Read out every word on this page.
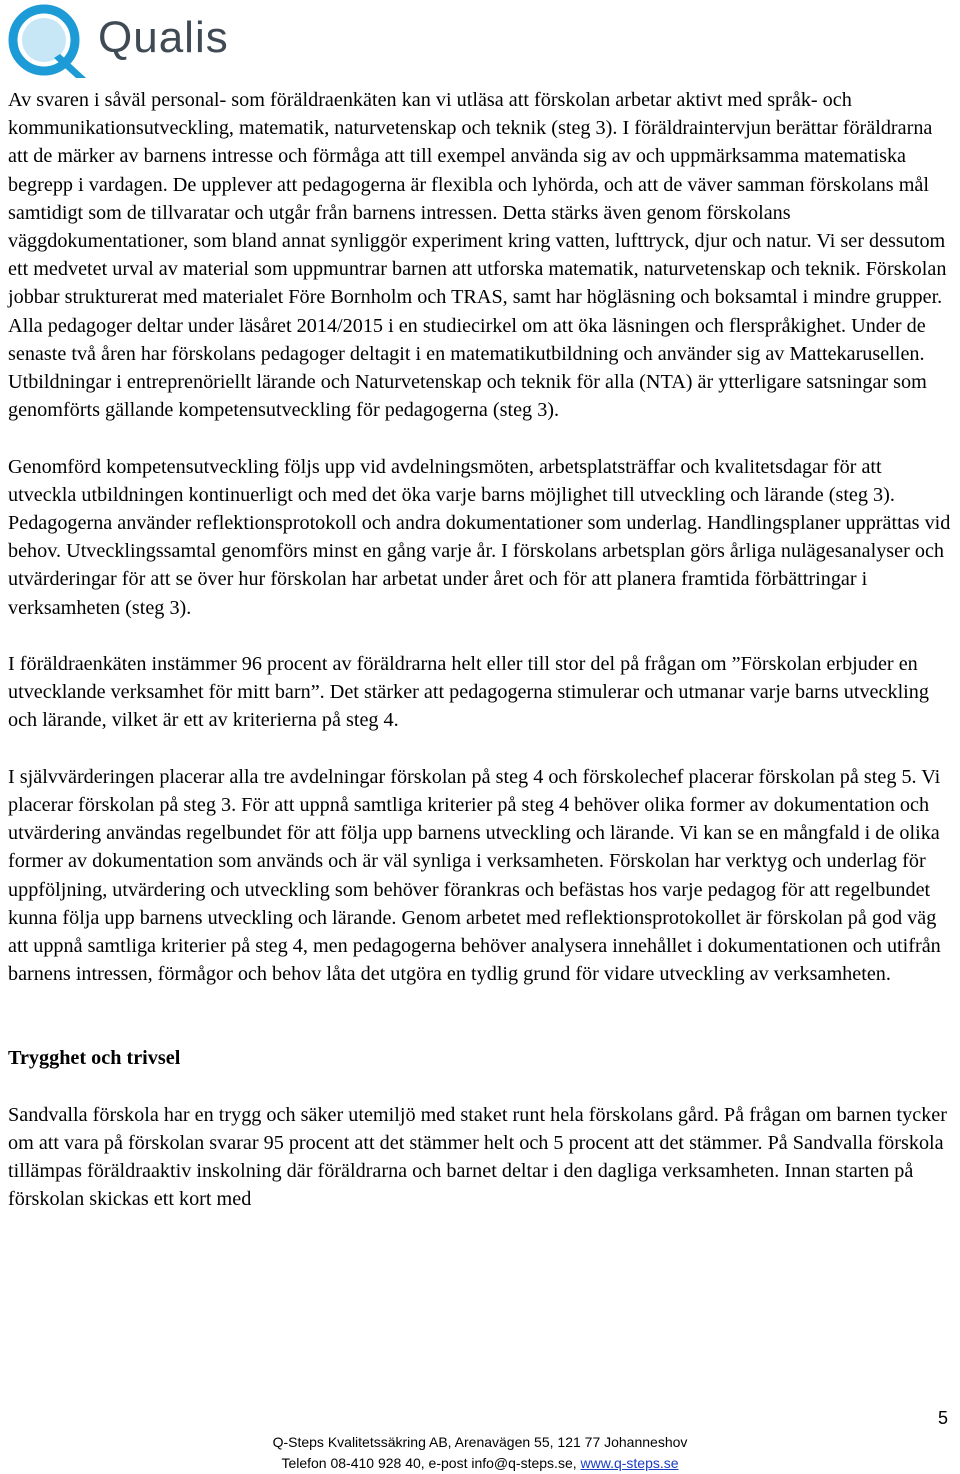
Qualis

Av svaren i såväl personal- som föräldraenkäten kan vi utläsa att förskolan arbetar aktivt med språk- och kommunikationsutveckling, matematik, naturvetenskap och teknik (steg 3). I föräldraintervjun berättar föräldrarna att de märker av barnens intresse och förmåga att till exempel använda sig av och uppmärksamma matematiska begrepp i vardagen. De upplever att pedagogerna är flexibla och lyhörda, och att de väver samman förskolans mål samtidigt som de tillvaratar och utgår från barnens intressen. Detta stärks även genom förskolans väggdokumentationer, som bland annat synliggör experiment kring vatten, lufttryck, djur och natur. Vi ser dessutom ett medvetet urval av material som uppmuntrar barnen att utforska matematik, naturvetenskap och teknik. Förskolan jobbar strukturerat med materialet Före Bornholm och TRAS, samt har högläsning och boksamtal i mindre grupper. Alla pedagoger deltar under läsåret 2014/2015 i en studiecirkel om att öka läsningen och flerspråkighet. Under de senaste två åren har förskolans pedagoger deltagit i en matematikutbildning och använder sig av Mattekarusellen. Utbildningar i entreprenöriellt lärande och Naturvetenskap och teknik för alla (NTA) är ytterligare satsningar som genomförts gällande kompetensutveckling för pedagogerna (steg 3).

Genomförd kompetensutveckling följs upp vid avdelningsmöten, arbetsplatsträffar och kvalitetsdagar för att utveckla utbildningen kontinuerligt och med det öka varje barns möjlighet till utveckling och lärande (steg 3). Pedagogerna använder reflektionsprotokoll och andra dokumentationer som underlag. Handlingsplaner upprättas vid behov. Utvecklingssamtal genomförs minst en gång varje år. I förskolans arbetsplan görs årliga nulägesanalyser och utvärderingar för att se över hur förskolan har arbetat under året och för att planera framtida förbättringar i verksamheten (steg 3).

I föräldraenkäten instämmer 96 procent av föräldrarna helt eller till stor del på frågan om ”Förskolan erbjuder en utvecklande verksamhet för mitt barn”. Det stärker att pedagogerna stimulerar och utmanar varje barns utveckling och lärande, vilket är ett av kriterierna på steg 4.

I självvärderingen placerar alla tre avdelningar förskolan på steg 4 och förskolechef placerar förskolan på steg 5. Vi placerar förskolan på steg 3. För att uppnå samtliga kriterier på steg 4 behöver olika former av dokumentation och utvärdering användas regelbundet för att följa upp barnens utveckling och lärande. Vi kan se en mångfald i de olika former av dokumentation som används och är väl synliga i verksamheten. Förskolan har verktyg och underlag för uppföljning, utvärdering och utveckling som behöver förankras och befästas hos varje pedagog för att regelbundet kunna följa upp barnens utveckling och lärande. Genom arbetet med reflektionsprotokollet är förskolan på god väg att uppnå samtliga kriterier på steg 4, men pedagogerna behöver analysera innehållet i dokumentationen och utifrån barnens intressen, förmågor och behov låta det utgöra en tydlig grund för vidare utveckling av verksamheten.

Trygghet och trivsel

Sandvalla förskola har en trygg och säker utemiljö med staket runt hela förskolans gård. På frågan om barnen tycker om att vara på förskolan svarar 95 procent att det stämmer helt och 5 procent att det stämmer. På Sandvalla förskola tillämpas föräldraaktiv inskolning där föräldrarna och barnet deltar i den dagliga verksamheten. Innan starten på förskolan skickas ett kort med

5
Q-Steps Kvalitetssäkring AB, Arenavägen 55, 121 77 Johanneshov
Telefon 08-410 928 40, e-post info@q-steps.se, www.q-steps.se
